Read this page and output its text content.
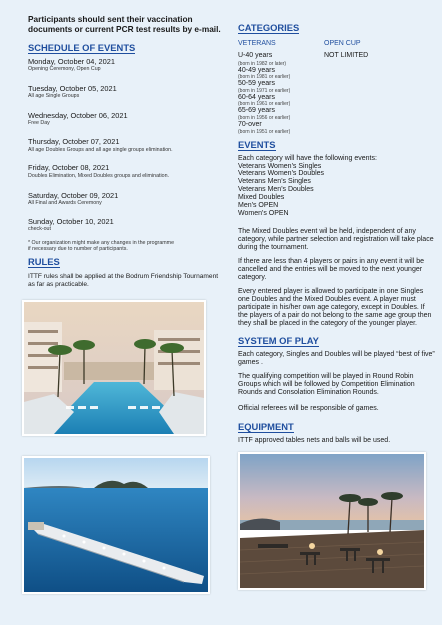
Participants should sent their vaccination documents or current PCR test results by e-mail.

SCHEDULE OF EVENTS
Monday, October 04, 2021
Opening Ceremony, Open Cup
Tuesday, October 05, 2021
All age Single Groups
Wednesday, October 06, 2021
Free Day
Thursday, October 07, 2021
All age Doubles Groups and all age single groups elimination.
Friday, October 08, 2021
Doubles Elimination, Mixed Doubles groups and elimination.
Saturday, October 09, 2021
All Final and Awards Ceremony
Sunday, October 10, 2021
check-out
* Our organization might make any changes in the programme
if necessary due to number of participants.
RULES
ITTF rules shall be applied at the Bodrum Friendship Tournament as far as practicable.
CATEGORIES
VETERANS	OPEN CUP
U-40 years	NOT LIMITED
(born in 1982 or later)
40-49 years
(born in 1981 or earlier)
50-59 years
(born in 1971 or earlier)
60-64 years
(born in 1961 or earlier)
65-69 years
(born in 1956 or earlier)
70-over
(born in 1951 or earlier)
EVENTS
Each category will have the following events:
Veterans Women's Singles
Veterans Women's Doubles
Veterans Men's Singles
Veterans Men's Doubles
Mixed Doubles
Men's OPEN
Women's OPEN

The Mixed Doubles event wil be held, independent of any category, while partner selection and registration will take place during the tournament.

If there are less than 4 players or pairs in any event it will be cancelled and the entries will be moved to the next younger category.

Every entered player is allowed to participate in one Singles one Doubles and the Mixed Doubles event. A player must participate in his/her own age category, except in Doubles. If the players of a pair do not belong to the same age group then they shall be placed in the category of the younger player.

SYSTEM OF PLAY

Each category, Singles and Doubles will be played “best of five” games .

The qualifying competition will be played in Round Robin Groups which will be followed by Competition Elimination Rounds and Consolation Elimination Rounds.

Official referees will be responsible of games.

EQUIPMENT

ITTF approved tables nets and balls will be used.
